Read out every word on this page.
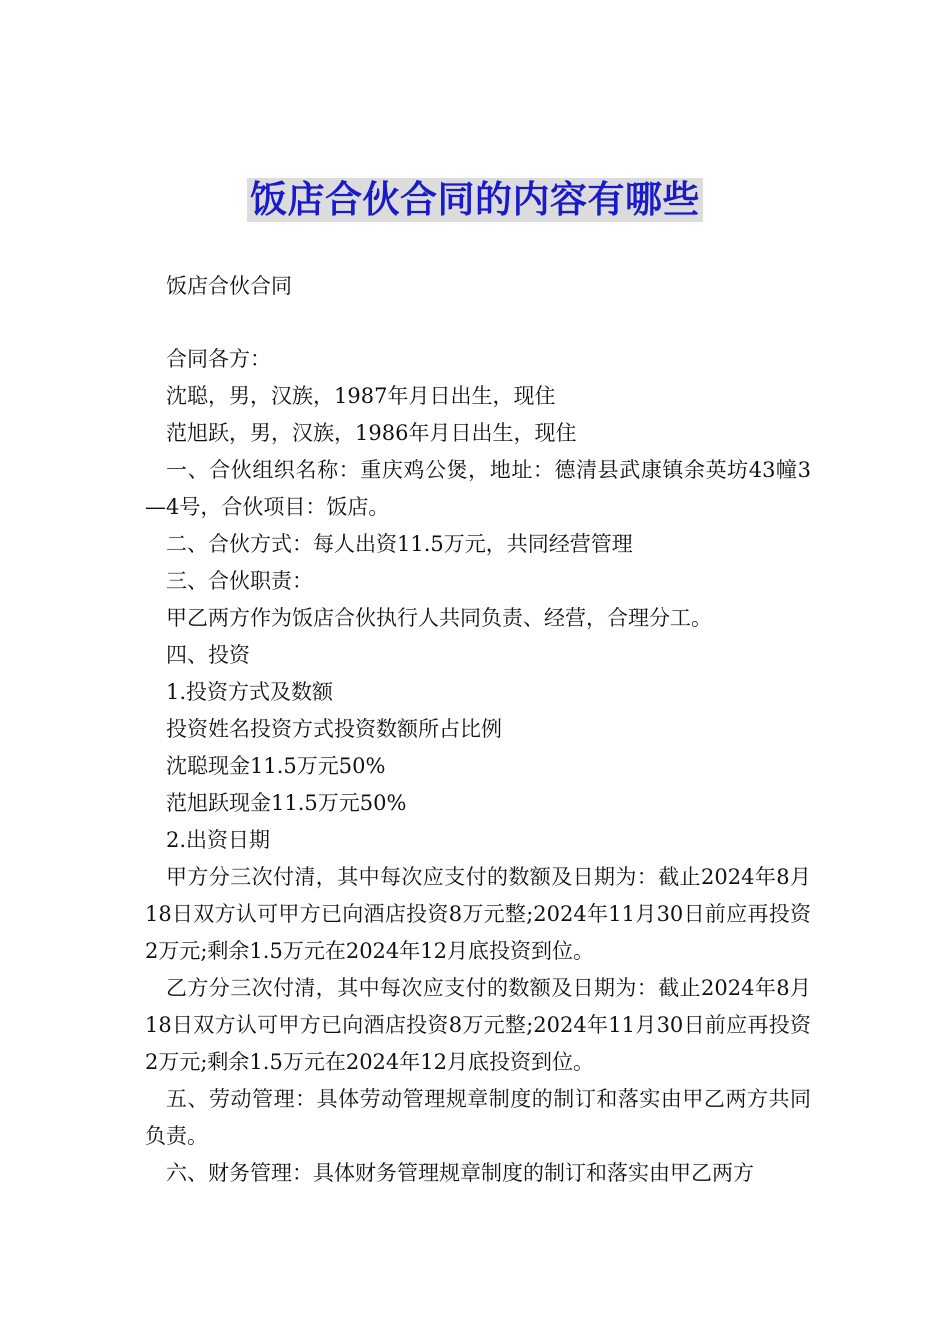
饭店合伙合同的内容有哪些

饭店合伙合同

合同各方：

沈聪，男，汉族，1987年月日出生，现住

范旭跃，男，汉族，1986年月日出生，现住

一、合伙组织名称：重庆鸡公煲，地址：德清县武康镇余英坊43幢3—4号，合伙项目：饭店。

二、合伙方式：每人出资11.5万元，共同经营管理

三、合伙职责：

甲乙两方作为饭店合伙执行人共同负责、经营，合理分工。

四、投资

1.投资方式及数额

投资姓名投资方式投资数额所占比例

沈聪现金11.5万元50%

范旭跃现金11.5万元50%

2.出资日期

甲方分三次付清，其中每次应支付的数额及日期为：截止2024年8月18日双方认可甲方已向酒店投资8万元整;2024年11月30日前应再投资2万元;剩余1.5万元在2024年12月底投资到位。

乙方分三次付清，其中每次应支付的数额及日期为：截止2024年8月18日双方认可甲方已向酒店投资8万元整;2024年11月30日前应再投资2万元;剩余1.5万元在2024年12月底投资到位。

五、劳动管理：具体劳动管理规章制度的制订和落实由甲乙两方共同负责。

六、财务管理：具体财务管理规章制度的制订和落实由甲乙两方
